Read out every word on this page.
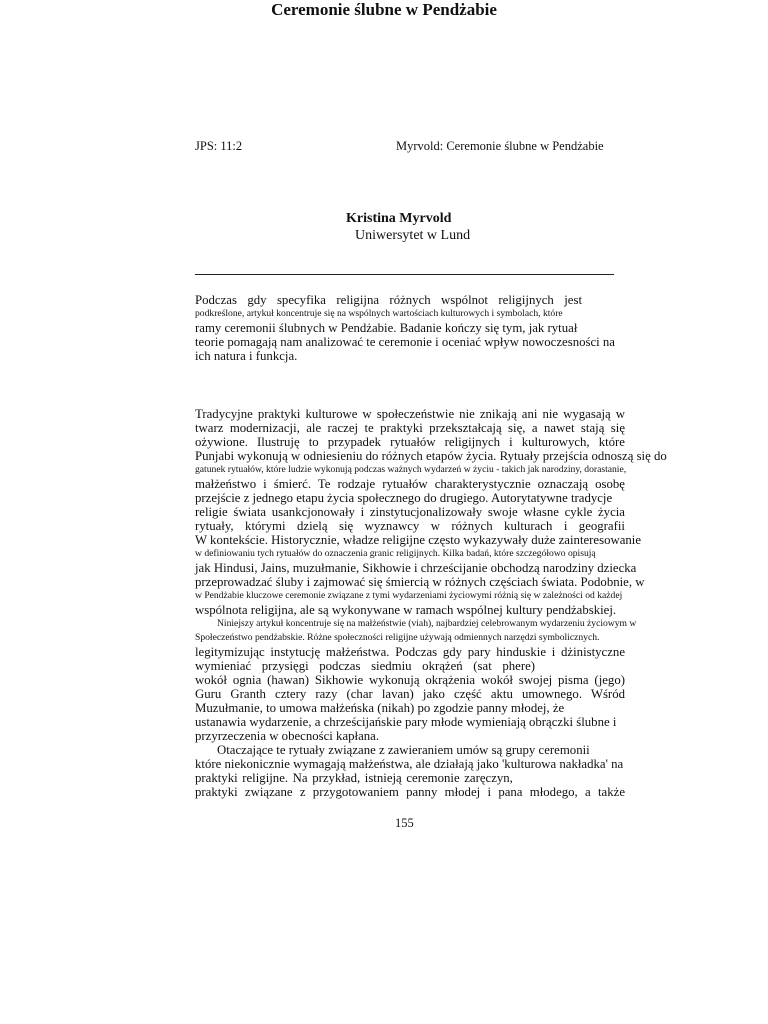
JPS: 11:2	Myrvold: Ceremonie ślubne w Pendżabie
Ceremonie ślubne w Pendżabie
Kristina Myrvold
Uniwersytet w Lund
Podczas gdy specyfika religijna różnych wspólnot religijnych jest
podkreślone, artykuł koncentruje się na wspólnych wartościach kulturowych i symbolach, które
ramy ceremonii ślubnych w Pendżabie. Badanie kończy się tym, jak rytuał
teorie pomagają nam analizować te ceremonie i oceniać wpływ nowoczesności na
ich natura i funkcja.
Tradycyjne praktyki kulturowe w społeczeństwie nie znikają ani nie wygasają w
twarz modernizacji, ale raczej te praktyki przekształcają się, a nawet stają się
ożywione. Ilustruję to przypadek rytuałów religijnych i kulturowych, które
Punjabi wykonują w odniesieniu do różnych etapów życia. Rytuały przejścia odnoszą się do
gatunek rytuałów, które ludzie wykonują podczas ważnych wydarzeń w życiu - takich jak narodziny, dorastanie,
małżeństwo i śmierć. Te rodzaje rytuałów charakterystycznie oznaczają osobę
przejście z jednego etapu życia społecznego do drugiego. Autorytatywne tradycje
religie świata usankcjonowały i zinstytucjonalizowały swoje własne cykle życia
rytuały, którymi dzielą się wyznawcy w różnych kulturach i geografii
W kontekście. Historycznie, władze religijne często wykazywały duże zainteresowanie
w definiowaniu tych rytuałów do oznaczenia granic religijnych. Kilka badań, które szczegółowo opisują
jak Hindusi, Jains, muzułmanie, Sikhowie i chrześcijanie obchodzą narodziny dziecka
przeprowadzać śluby i zajmować się śmiercią w różnych częściach świata. Podobnie, w
w Pendżabie kluczowe ceremonie związane z tymi wydarzeniami życiowymi różnią się w zależności od każdej
wspólnota religijna, ale są wykonywane w ramach wspólnej kultury pendżabskiej.
Niniejszy artykuł koncentruje się na małżeństwie (viah), najbardziej celebrowanym wydarzeniu życiowym w
Społeczeństwo pendżabskie. Różne społeczności religijne używają odmiennych narzędzi symbolicznych.
legitymizując instytucję małżeństwa. Podczas gdy pary hinduskie i dżinistyczne
wymieniać przysięgi podczas siedmiu okrążeń (sat phere)
wokół ognia (hawan) Sikhowie wykonują okrążenia wokół swojej pisma (jego)
Guru Granth cztery razy (char lavan) jako część aktu umownego. Wśród
Muzułmanie, to umowa małżeńska (nikah) po zgodzie panny młodej, że
ustanawia wydarzenie, a chrześcijańskie pary młode wymieniają obrączki ślubne i
przyrzeczenia w obecności kapłana.
Otaczające te rytuały związane z zawieraniem umów są grupy ceremonii
które niekonicznie wymagają małżeństwa, ale działają jako 'kulturowa nakładka' na
praktyki religijne. Na przykład, istnieją ceremonie zaręczyn,
praktyki związane z przygotowaniem panny młodej i pana młodego, a także
155
